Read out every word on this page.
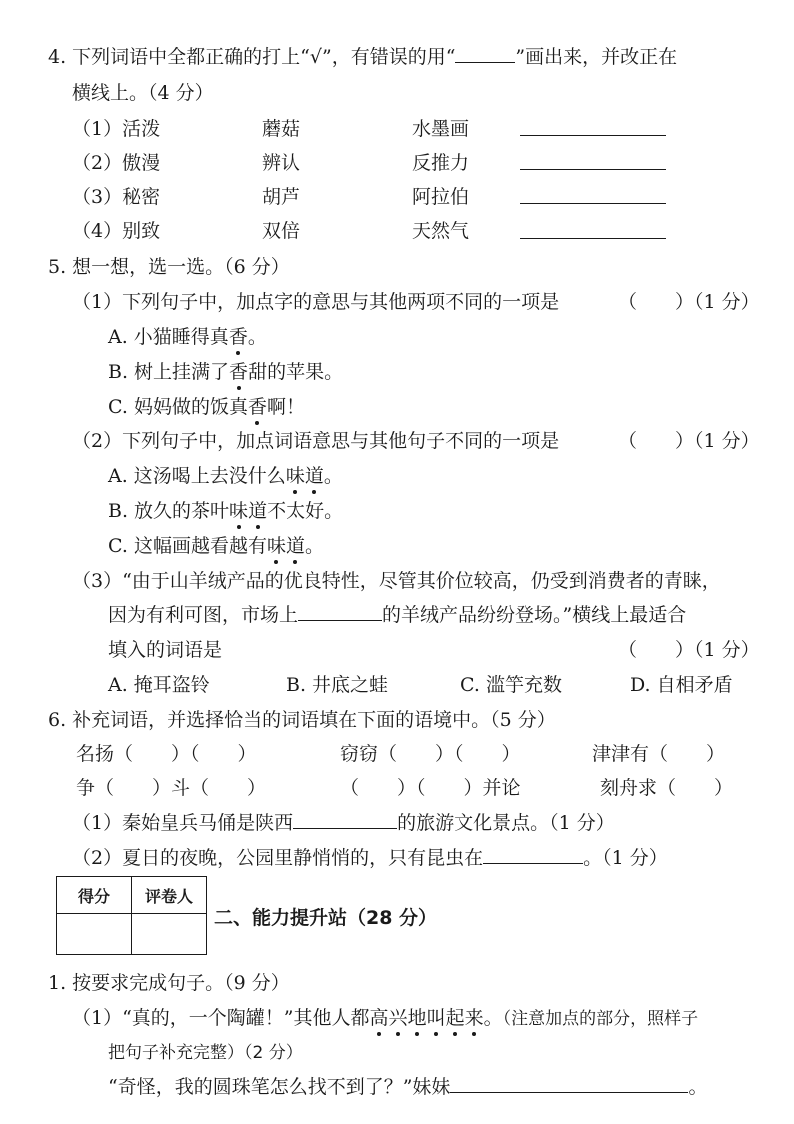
4. 下列词语中全都正确的打上“√”，有错误的用“	”画出来，并改正在
横线上。（4 分）
（1）活泼	蘑菇	水墨画
（2）傲漫	辨认	反推力
（3）秘密	胡芦	阿拉伯
（4）别致	双倍	天然气
5. 想一想，选一选。（6 分）
（1）下列句子中，加点字的意思与其他两项不同的一项是	（　　）（1 分）
A. 小猫睡得真香。
B. 树上挂满了香甜的苹果。
C. 妈妈做的饭真香啊！
（2）下列句子中，加点词语意思与其他句子不同的一项是	（　　）（1 分）
A. 这汤喝上去没什么味道。
B. 放久的茶叶味道不太好。
C. 这幅画越看越有味道。
（3）“由于山羊绒产品的优良特性，尽管其价位较高，仍受到消费者的青睐，
因为有利可图，市场上	的羊绒产品纷纷登场。”横线上最适合
填入的词语是	（　　）（1 分）
A. 掩耳盗铃	B. 井底之蛙	C. 滥竽充数	D. 自相矛盾
6. 补充词语，并选择恰当的词语填在下面的语境中。（5 分）
名扬（　　）（　　）	窃窃（　　）（　　）	津津有（　　）
争（　　）斗（　　）	（　　）（　　）并论	刻舟求（　　）
（1）秦始皇兵马俑是陕西	的旅游文化景点。（1 分）
（2）夏日的夜晚，公园里静悄悄的，只有昆虫在	。（1 分）
得分	评卷人

二、能力提升站（28 分）
1. 按要求完成句子。（9 分）
（1）“真的，一个陶罐！”其他人都高兴地叫起来。（注意加点的部分，照样子
把句子补充完整）（2 分）
“奇怪，我的圆珠笔怎么找不到了？”妹妹	。
